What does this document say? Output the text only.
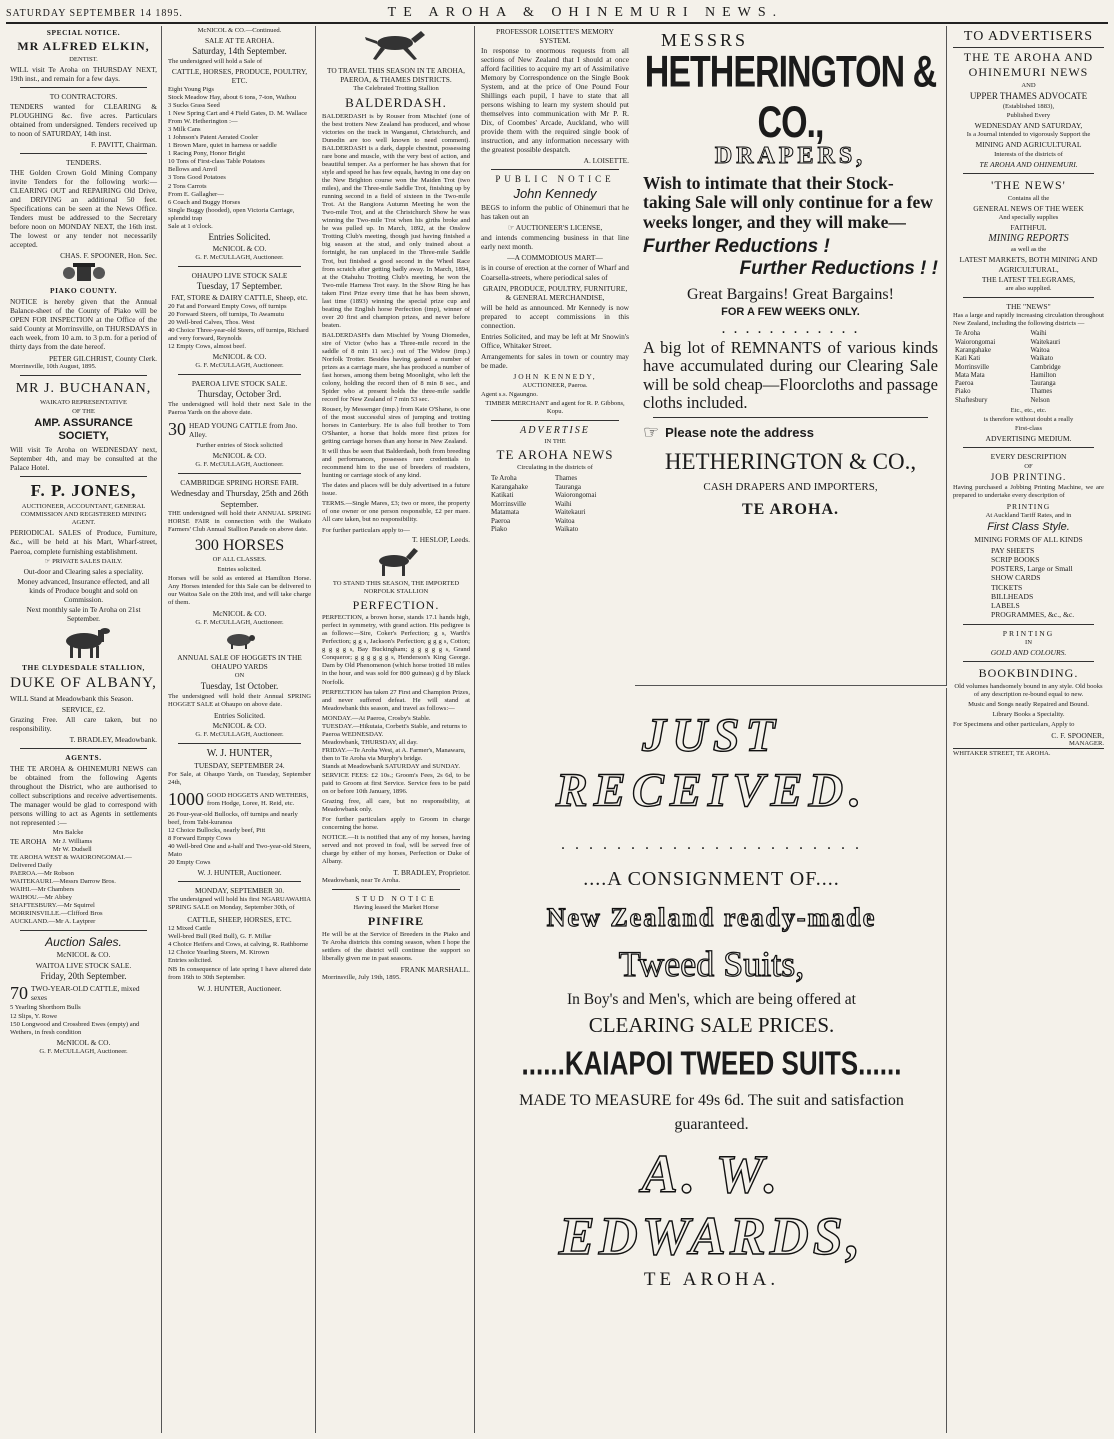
SATURDAY SEPTEMBER 14 1895.	TE AROHA & OHINEMURI NEWS.
SPECIAL NOTICE.
MR ALFRED ELKIN,
DENTIST.

WILL visit Te Aroha on THURSDAY NEXT, 19th inst., and remain for a few days.

TO CONTRACTORS.

TENDERS wanted for CLEARING & PLOUGHING &c. five acres. Particulars obtained from undersigned. Tenders received up to noon of SATURDAY, 14th inst.

F. PAVITT, Chairman.
TENDERS.

THE Golden Crown Gold Mining Company invite Tenders for the following work:—CLEARING OUT and REPAIRING Old Drive, and DRIVING an additional 50 feet. Specifications can be seen at the News Office. Tenders must be addressed to the Secretary before noon on MONDAY NEXT, the 16th inst. The lowest or any tender not necessarily accepted.

CHAS. F. SPOONER, Hon. Sec.
PIAKO COUNTY.

NOTICE is hereby given that the Annual Balance-sheet of the County of Piako will be OPEN FOR INSPECTION at the Office of the said County at Morrinsville, on THURSDAYS in each week, from 10 a.m. to 3 p.m. for a period of thirty days from the date hereof.

PETER GILCHRIST, County Clerk.
Morrinsville, 10th August, 1895.
MR J. BUCHANAN,
WAIKATO REPRESENTATIVE
OF THE
AMP. ASSURANCE SOCIETY,

Will visit Te Aroha on WEDNESDAY next, September 4th, and may be consulted at the Palace Hotel.

F. P. JONES,
AUCTIONEER, ACCOUNTANT, GENERAL COMMISSION AND REGISTERED MINING AGENT.

PERIODICAL SALES of Produce, Furniture, &c., will be held at his Mart, Wharf-street, Paeroa, complete furnishing establishment.

☞ PRIVATE SALES DAILY.
Out-door and Clearing sales a speciality.
Money advanced, Insurance effected, and all kinds of Produce bought and sold on Commission.
Next monthly sale in Te Aroha on 21st September.
THE CLYDESDALE STALLION,
DUKE OF ALBANY,

WILL Stand at Meadowbank this Season.

SERVICE, £2.

Grazing Free. All care taken, but no responsibility.

T. BRADLEY, Meadowbank.
AGENTS.

THE TE AROHA & OHINEMURI NEWS can be obtained from the following Agents throughout the District, who are authorised to collect subscriptions and receive advertisements. The manager would be glad to correspond with persons willing to act as Agents in settlements not represented :—

TE AROHA
Mrs Balcke
Mr J. Williams
Mr W. Dudsell
TE AROHA WEST & WAIORONGOMAI.—Delivered Daily
PAEROA.—Mr Robson
WAITEKAURI.—Messrs Darrow Bros.
WAIHI.—Mr Chambers
WAIHOU.—Mr Abbey
SHAFTESBURY.—Mr Squirrel
MORRINSVILLE.—Clifford Bros
AUCKLAND.—Mr A. Laytprer
Auction Sales.
McNICOL & CO.
WAITOA LIVE STOCK SALE.
Friday, 20th September.
70 TWO-YEAR-OLD CATTLE, mixed sexes
5 Yearling Shorthorn Bulls
12 Slips, Y. Rowe
150 Longwood and Crossbred Ewes (empty) and Wethers, in fresh condition
McNICOL & CO.
G. F. McCULLAGH, Auctioneer.
McNICOL & CO.—Continued.
SALE AT TE AROHA.
Saturday, 14th September.
The undersigned will hold a Sale of
CATTLE, HORSES, PRODUCE, POULTRY, ETC.
Eight Young Pigs
Stock Meadow Hay, about 6 tons, 7-ton, Waihou
3 Sucks Grass Seed
1 New Spring Cart and 4 Field Gates, D. M. Wallace
From W. Hetherington :—
3 Milk Cans
1 Johnson's Patent Aerated Cooler
1 Brown Mare, quiet in harness or saddle
1 Racing Pony, Honor Bright
10 Tons of First-class Table Potatoes
Bellows and Anvil
3 Tons Good Potatoes
2 Tons Carrots
From E. Gallagher—
6 Coach and Buggy Horses
Single Buggy (hooded), open Victoria Carriage, splendid trap
Sale at 1 o'clock.
Entries Solicited.
McNICOL & CO.
G. F. McCULLAGH, Auctioneer.
OHAUPO LIVE STOCK SALE
Tuesday, 17 September.
FAT, STORE & DAIRY CATTLE, Sheep, etc.
20 Fat and Forward Empty Cows, off turnips
20 Forward Steers, off turnips, To Awamutu
20 Well-bred Calves, Thos. West
40 Choice Three-year-old Steers, off turnips, Richard and very forward, Reynolds
12 Empty Cows, almost beef.
McNICOL & CO.
G. F. McCULLAGH, Auctioneer.
PAEROA LIVE STOCK SALE.
Thursday, October 3rd.

The undersigned will hold their next Sale in the Paeroa Yards on the above date.

30 HEAD YOUNG CATTLE from Jno. Alley.
Further entries of Stock solicited
McNICOL & CO.
G. F. McCULLAGH, Auctioneer.
CAMBRIDGE SPRING HORSE FAIR.
Wednesday and Thursday, 25th and 26th September.

THE undersigned will hold their ANNUAL SPRING HORSE FAIR in connection with the Waikato Farmers' Club Annual Stallion Parade on above date.

300 HORSES
OF ALL CLASSES.
Entries solicited.

Horses will be sold as entered at Hamilton Horse. Any Horses intended for this Sale can be delivered to our Waitoa Sale on the 20th inst, and will take charge of them.

McNICOL & CO.
G. F. McCULLAGH, Auctioneer.
ANNUAL SALE OF HOGGETS IN THE OHAUPO YARDS
ON
Tuesday, 1st October.

The undersigned will hold their Annual SPRING HOGGET SALE at Ohaupo on above date.

Entries Solicited.
McNICOL & CO.
G. F. McCULLAGH, Auctioneer.
W. J. HUNTER,
TUESDAY, SEPTEMBER 24.

For Sale, at Ohaupo Yards, on Tuesday, September 24th,

1000 GOOD HOGGETS AND WETHERS, from Hodge, Loree, H. Reid, etc.
26 Four-year-old Bullocks, off turnips and nearly beef, from Tabi-kuranoa
12 Choice Bullocks, nearly beef, Pitt
8 Forward Empty Cows
40 Well-bred One and a-half and Two-year-old Steers, Mato
20 Empty Cows
W. J. HUNTER, Auctioneer.
MONDAY, SEPTEMBER 30.

The undersigned will hold his first NGARUAWAHIA SPRING SALE on Monday, September 30th, of

CATTLE, SHEEP, HORSES, ETC.
12 Mixed Cattle
Well-bred Bull (Red Bull), G. F. Millar
4 Choice Heifers and Cows, at calving, R. Rathborne
12 Choice Yearling Steers, M. Kirown
Entries solicited.

NB In consequence of late spring I have altered date from 16th to 30th September.

W. J. HUNTER, Auctioneer.
TO TRAVEL THIS SEASON IN TE AROHA, PAEROA, & THAMES DISTRICTS.
The Celebrated Trotting Stallion
BALDERDASH.

BALDERDASH is by Rouser from Mischief (one of the best trotters New Zealand has produced, and whose victories on the track in Wanganui, Christchurch, and Dunedin are too well known to need comment). BALDERDASH is a dark, dapple chestnut, possessing rare bone and muscle, with the very best of action, and beautiful temper. As a performer he has shown that for style and speed he has few equals, having in one day on the New Brighton course won the Maiden Trot (two miles), and the Three-mile Saddle Trot, finishing up by running second in a field of sixteen in the Two-mile Trot. At the Rangiora Autumn Meeting he won the Two-mile Trot, and at the Christchurch Show he was winning the Two-mile Trot when his girths broke and he was pulled up. In March, 1892, at the Onslow Trotting Club's meeting, though just having finished a big season at the stud, and only trained about a fortnight, he ran unplaced in the Three-mile Saddle Trot, but finished a good second in the Wheel Race from scratch after getting badly away. In March, 1894, at the Otahuhu Trotting Club's meeting, he won the Two-mile Harness Trot easy. In the Show Ring he has taken First Prize every time that he has been shown, last time (1893) winning the special prize cup and beating the English horse Perfection (imp), winner of over 20 first and champion prizes, and never before beaten.

BALDERDASH's dam Mischief by Young Diomedes, sire of Victor (who has a Three-mile record in the saddle of 8 min 11 sec.) out of The Widow (imp.) Norfolk Trotter. Besides having gained a number of prizes as a carriage mare, she has produced a number of fast horses, among them being Moonlight, who left the colony, holding the record then of 8 min 8 sec., and Spider who at present holds the three-mile saddle record for New Zealand of 7 min 53 sec.

Rouser, by Messenger (imp.) from Kate O'Shane, is one of the most successful sires of jumping and trotting horses in Canterbury. He is also full brother to Tom O'Shanter, a horse that holds more first prizes for getting carriage horses than any horse in New Zealand.

It will thus be seen that Balderdash, both from breeding and performances, possesses rare credentials to recommend him to the use of breeders of roadsters, hunting or carriage stock of any kind.

The dates and places will be duly advertised in a future issue.

TERMS.—Single Mares, £3; two or more, the property of one owner or one person responsible, £2 per mare. All care taken, but no responsibility.

For further particulars apply to—
T. HESLOP, Leeds.
TO STAND THIS SEASON, THE IMPORTED NORFOLK STALLION
PERFECTION.

PERFECTION, a brown horse, stands 17.1 hands high, perfect in symmetry, with grand action. His pedigree is as follows:—Sire, Coker's Perfection; g s, Warth's Perfection; g g s, Jackson's Perfection; g g g s, Cotton; g g g g s, Bay Buckingham; g g g g g s, Grand Conqueror; g g g g g g s, Henderson's King George. Dam by Old Phenomenon (which horse trotted 18 miles in the hour, and was sold for 800 guineas) g d by Black Norfolk.

PERFECTION has taken 27 First and Champion Prizes, and never suffered defeat. He will stand at Meadowbank this season, and travel as follows:—

MONDAY.—At Paeroa, Crosby's Stable.
TUESDAY.—Hikutaia, Corbett's Stable, and returns to Paeroa WEDNESDAY.
Meadowbank, THURSDAY, all day.
FRIDAY.—Te Aroha West, at A. Farmer's, Manawaru, then to Te Aroha via Murphy's bridge.
Stands at Meadowbank SATURDAY and SUNDAY.

SERVICE FEES: £2 10s.; Groom's Fees, 2s 6d, to be paid to Groom at first Service. Service fees to be paid on or before 10th January, 1896.

Grazing free, all care, but no responsibility, at Meadowbank only.

For further particulars apply to Groom in charge concerning the horse.

NOTICE.—It is notified that any of my horses, having served and not proved in foal, will be served free of charge by either of my horses, Perfection or Duke of Albany.

T. BRADLEY, Proprietor.
Meadowbank, near Te Aroha.
STUD NOTICE
Having leased the Market Horse
PINFIRE

He will be at the Service of Breeders in the Piako and Te Aroha districts this coming season, when I hope the settlers of the district will continue the support so liberally given me in past seasons.

FRANK MARSHALL.
Morrinsville, July 19th, 1895.
PROFESSOR LOISETTE'S MEMORY SYSTEM.

In response to enormous requests from all sections of New Zealand that I should at once afford facilities to acquire my art of Assimilative Memory by Correspondence on the Single Book System, and at the price of One Pound Four Shillings each pupil, I have to state that all persons wishing to learn my system should put themselves into communication with Mr P. R. Dix, of Coombes' Arcade, Auckland, who will provide them with the required single book of instruction, and any information necessary with the greatest possible despatch.

A. LOISETTE.
PUBLIC NOTICE
John Kennedy

BEGS to inform the public of Ohinemuri that he has taken out an

☞ AUCTIONEER'S LICENSE,

and intends commencing business in that line early next month.

—A COMMODIOUS MART—

is in course of erection at the corner of Wharf and Coarsella-streets, where periodical sales of

GRAIN, PRODUCE, POULTRY, FURNITURE, & GENERAL MERCHANDISE,

will be held as announced. Mr Kennedy is now prepared to accept commissions in this connection.

Entries Solicited, and may be left at Mr Snowin's Office, Whitaker Street.

Arrangements for sales in town or country may be made.

JOHN KENNEDY,
AUCTIONEER, Paeroa.
Agent s.s. Ngaungno.
TIMBER MERCHANT and agent for R. P. Gibbons, Kopu.
ADVERTISE
IN THE
TE AROHA NEWS
Circulating in the districts of
Te Aroha	Thames
Karangahake	Tauranga
Katikati	Waiorongomai
Morrinsville	Waihi
Matamata	Waitekauri
Paeroa	Waitoa
Piako	Waikato
MESSRS
HETHERINGTON & CO.,
DRAPERS,
Wish to intimate that their Stock-taking Sale will only continue for a few weeks longer, and they will make—
Further Reductions !
Further Reductions ! !
Great Bargains! Great Bargains!
FOR A FEW WEEKS ONLY.
. . . . . . . . . . . .
A big lot of REMNANTS of various kinds have accumulated during our Clearing Sale will be sold cheap—Floorcloths and passage cloths included.
☞ Please note the address
HETHERINGTON & CO.,
CASH DRAPERS AND IMPORTERS,
TE AROHA.
JUST RECEIVED.
. . . . . . . . . . . . . . . . . . . . . .
....A CONSIGNMENT OF....
New Zealand ready-made
Tweed Suits,
In Boy's and Men's, which are being offered at
CLEARING SALE PRICES.
......KAIAPOI TWEED SUITS......
MADE TO MEASURE for 49s 6d. The suit and satisfaction guaranteed.
A. W. EDWARDS,
TE AROHA.
TO ADVERTISERS
THE TE AROHA AND OHINEMURI NEWS
AND
UPPER THAMES ADVOCATE
(Established 1883),
Published Every
WEDNESDAY AND SATURDAY,
Is a Journal intended to vigorously Support the
MINING AND AGRICULTURAL
Interests of the districts of
TE AROHA AND OHINEMURI.
'THE NEWS'
Contains all the
GENERAL NEWS OF THE WEEK
And specially supplies
FAITHFUL
MINING REPORTS
as well as the
LATEST MARKETS, BOTH MINING AND AGRICULTURAL,
THE LATEST TELEGRAMS,
are also supplied.
THE "NEWS"

Has a large and rapidly increasing circulation throughout New Zealand, including the following districts —

Te Aroha	Waihi
Waiorongomai	Waitekauri
Karangahake	Waitoa
Kati Kati	Waikato
Morrinsville	Cambridge
Mata Mata	Hamilton
Paeroa	Tauranga
Piako	Thames
Shaftesbury	Nelson
Etc., etc., etc.
is therefore without doubt a really
First-class
ADVERTISING MEDIUM.
EVERY DESCRIPTION
OF
JOB PRINTING.

Having purchased a Jobbing Printing Machine, we are prepared to undertake every description of

PRINTING
At Auckland Tariff Rates, and in
First Class Style.
MINING FORMS OF ALL KINDS
PAY SHEETS
SCRIP BOOKS
POSTERS, Large or Small
SHOW CARDS
TICKETS
BILLHEADS
LABELS
PROGRAMMES, &c., &c.
PRINTING
IN
GOLD AND COLOURS.
BOOKBINDING.

Old volumes handsomely bound in any style. Old books of any description re-bound equal to new.

Music and Songs neatly Repaired and Bound.

Library Books a Speciality.

For Specimens and other particulars, Apply to

C. F. SPOONER,
MANAGER.
WHITAKER STREET, TE AROHA.
